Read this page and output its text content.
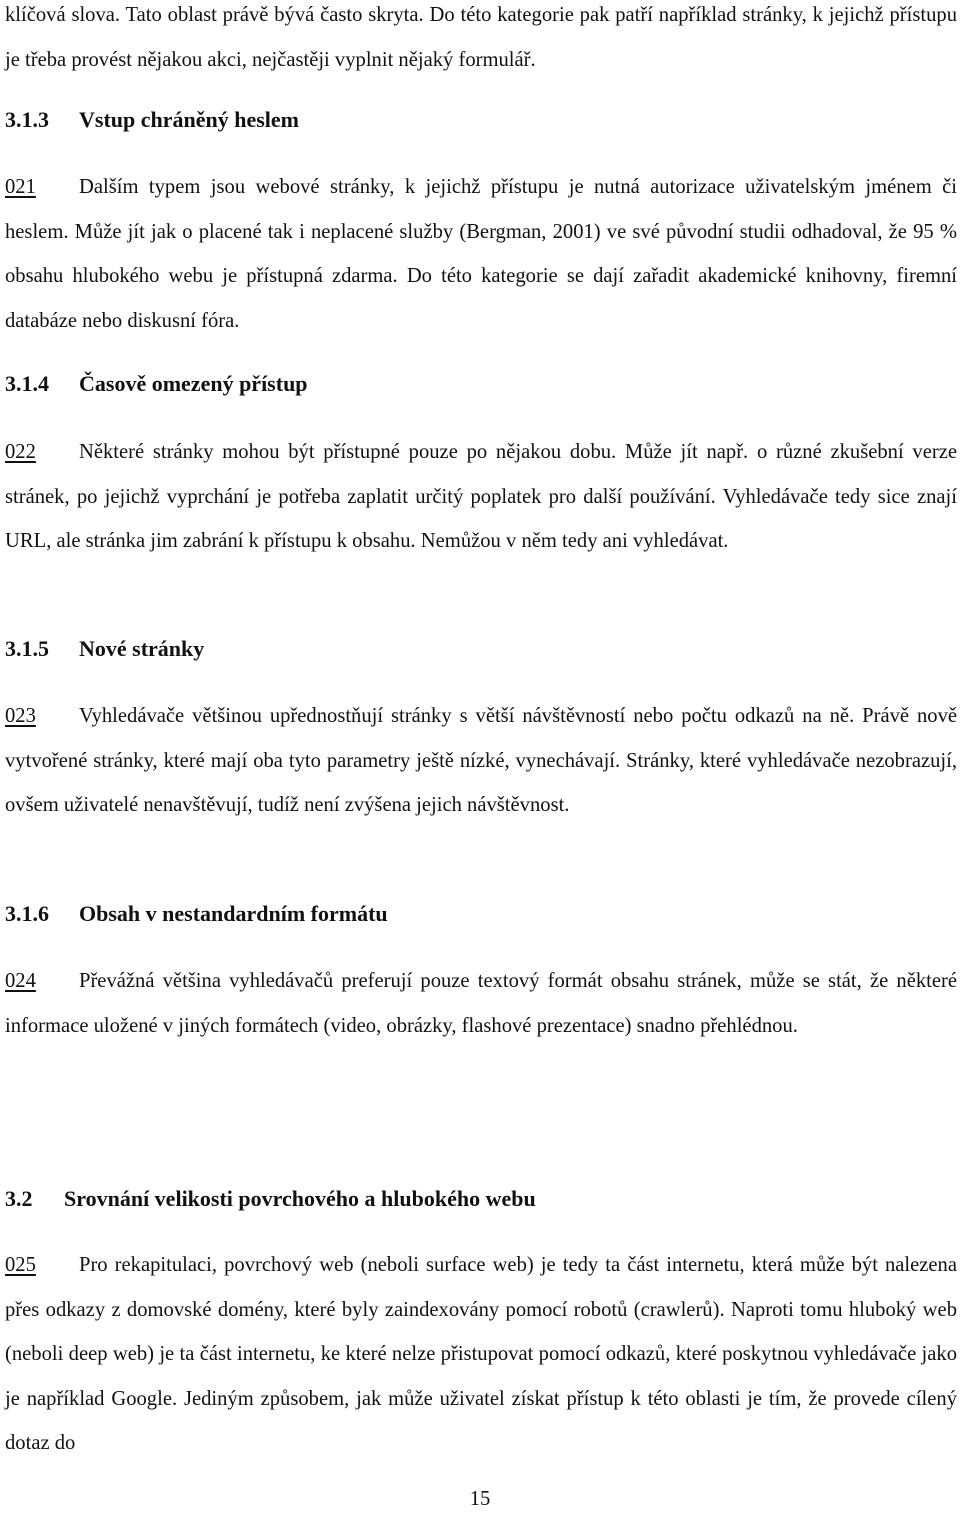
klíčová slova. Tato oblast právě bývá často skryta. Do této kategorie pak patří například stránky, k jejichž přístupu je třeba provést nějakou akci, nejčastěji vyplnit nějaký formulář.

3.1.3 Vstup chráněný heslem

021 Dalším typem jsou webové stránky, k jejichž přístupu je nutná autorizace uživatelským jménem či heslem. Může jít jak o placené tak i neplacené služby (Bergman, 2001) ve své původní studii odhadoval, že 95 % obsahu hlubokého webu je přístupná zdarma. Do této kategorie se dají zařadit akademické knihovny, firemní databáze nebo diskusní fóra.

3.1.4 Časově omezený přístup

022 Některé stránky mohou být přístupné pouze po nějakou dobu. Může jít např. o různé zkušební verze stránek, po jejichž vyprchání je potřeba zaplatit určitý poplatek pro další používání. Vyhledávače tedy sice znají URL, ale stránka jim zabrání k přístupu k obsahu. Nemůžou v něm tedy ani vyhledávat.

3.1.5 Nové stránky

023 Vyhledávače většinou upřednostňují stránky s větší návštěvností nebo počtu odkazů na ně. Právě nově vytvořené stránky, které mají oba tyto parametry ještě nízké, vynechávají. Stránky, které vyhledávače nezobrazují, ovšem uživatelé nenavštěvují, tudíž není zvýšena jejich návštěvnost.

3.1.6 Obsah v nestandardním formátu

024 Převážná většina vyhledávačů preferují pouze textový formát obsahu stránek, může se stát, že některé informace uložené v jiných formátech (video, obrázky, flashové prezentace) snadno přehlédnou.

3.2 Srovnání velikosti povrchového a hlubokého webu

025 Pro rekapitulaci, povrchový web (neboli surface web) je tedy ta část internetu, která může být nalezena přes odkazy z domovské domény, které byly zaindexovány pomocí robotů (crawlerů). Naproti tomu hluboký web (neboli deep web) je ta část internetu, ke které nelze přistupovat pomocí odkazů, které poskytnou vyhledávače jako je například Google. Jediným způsobem, jak může uživatel získat přístup k této oblasti je tím, že provede cílený dotaz do

15
